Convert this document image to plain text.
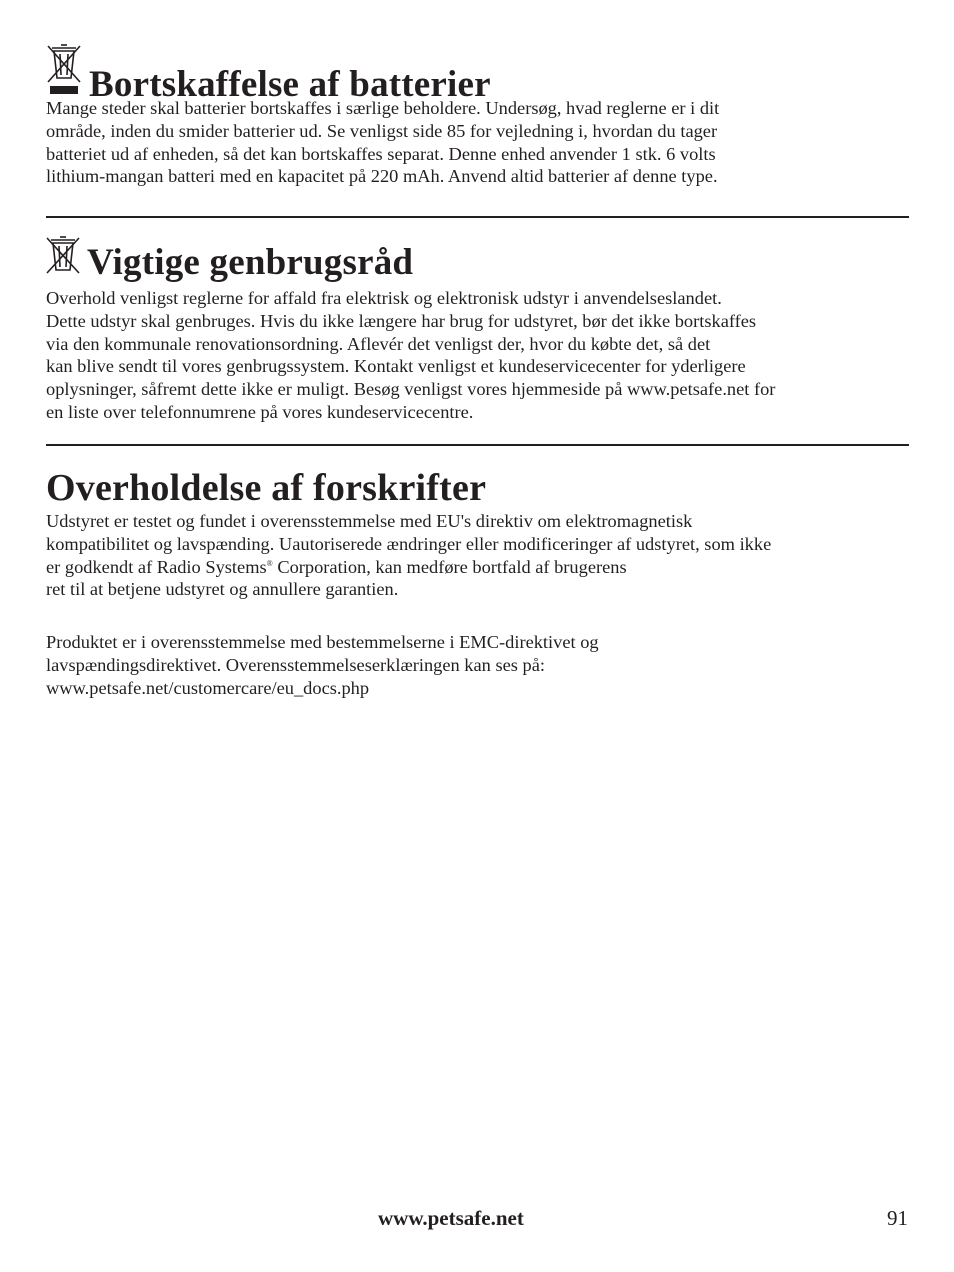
Bortskaffelse af batterier

Mange steder skal batterier bortskaffes i særlige beholdere. Undersøg, hvad reglerne er i dit
område, inden du smider batterier ud. Se venligst side 85 for vejledning i, hvordan du tager
batteriet ud af enheden, så det kan bortskaffes separat. Denne enhed anvender 1 stk. 6 volts
lithium-mangan batteri med en kapacitet på 220 mAh. Anvend altid batterier af denne type.

Vigtige genbrugsråd

Overhold venligst reglerne for affald fra elektrisk og elektronisk udstyr i anvendelseslandet.
Dette udstyr skal genbruges. Hvis du ikke længere har brug for udstyret, bør det ikke bortskaffes
via den kommunale renovationsordning. Aflevér det venligst der, hvor du købte det, så det
kan blive sendt til vores genbrugssystem. Kontakt venligst et kundeservicecenter for yderligere
oplysninger, såfremt dette ikke er muligt. Besøg venligst vores hjemmeside på www.petsafe.net for
en liste over telefonnumrene på vores kundeservicecentre.

Overholdelse af forskrifter

Udstyret er testet og fundet i overensstemmelse med EU's direktiv om elektromagnetisk
kompatibilitet og lavspænding. Uautoriserede ændringer eller modificeringer af udstyret, som ikke
er godkendt af Radio Systems® Corporation, kan medføre bortfald af brugerens
ret til at betjene udstyret og annullere garantien.

Produktet er i overensstemmelse med bestemmelserne i EMC-direktivet og
lavspændingsdirektivet. Overensstemmelseserklæringen kan ses på:
www.petsafe.net/customercare/eu_docs.php

www.petsafe.net	91
